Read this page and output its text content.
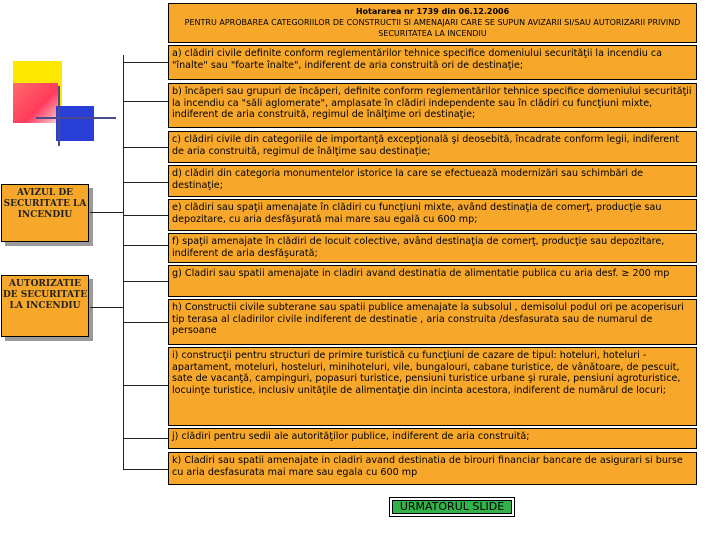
Hotararea nr 1739 din 06.12.2006
PENTRU APROBAREA CATEGORIILOR DE CONSTRUCTII SI AMENAJARI CARE SE SUPUN AVIZARII SI/SAU AUTORIZARII PRIVIND SECURITATEA LA INCENDIU
AVIZUL DE SECURITATE LA INCENDIU
AUTORIZATIE DE SECURITATE LA INCENDIU
a) clădiri civile definite conform reglementărilor tehnice specifice domeniului securităţii la incendiu ca "înalte" sau "foarte înalte", indiferent de aria construită ori de destinaţie;
b) încăperi sau grupuri de încăperi, definite conform reglementărilor tehnice specifice domeniului securităţii la incendiu ca "săli aglomerate", amplasate în clădiri independente sau în clădiri cu funcţiuni mixte, indiferent de aria construită, regimul de înălţime ori destinaţie;
c) clădiri civile din categoriile de importanţă excepţională şi deosebită, încadrate conform legii, indiferent de aria construită, regimul de înălţime sau destinaţie;
d) clădiri din categoria monumentelor istorice la care se efectuează modernizări sau schimbări de destinaţie;
e) clădiri sau spaţii amenajate în clădiri cu funcţiuni mixte, având destinaţia de comerţ, producţie sau depozitare, cu aria desfăşurată mai mare sau egală cu 600 mp;
f) spaţii amenajate în clădiri de locuit colective, având destinaţia de comerţ, producţie sau depozitare, indiferent de aria desfăşurată;
g) Cladiri sau spatii amenajate in cladiri avand destinatia de alimentatie publica cu aria desf. ≥ 200 mp
h) Constructii civile subterane sau spatii publice amenajate la subsolul , demisolul podul ori pe acoperisuri tip terasa al cladirilor civile indiferent de destinatie , aria construita /desfasurata sau de numarul de persoane
i) construcţii pentru structuri de primire turistică cu funcţiuni de cazare de tipul: hoteluri, hoteluri -apartament, moteluri, hosteluri, minihoteluri, vile, bungalouri, cabane turistice, de vânătoare, de pescuit, sate de vacanţă, campinguri, popasuri turistice, pensiuni turistice urbane şi rurale, pensiuni agroturistice, locuinţe turistice, inclusiv unităţile de alimentaţie din incinta acestora, indiferent de numărul de locuri;
j) clădiri pentru sedii ale autorităţilor publice, indiferent de aria construită;
k) Cladiri sau spatii amenajate in cladiri avand destinatia de birouri financiar bancare de asigurari si burse cu aria desfasurata mai mare sau egala cu 600 mp
URMATORUL SLIDE
